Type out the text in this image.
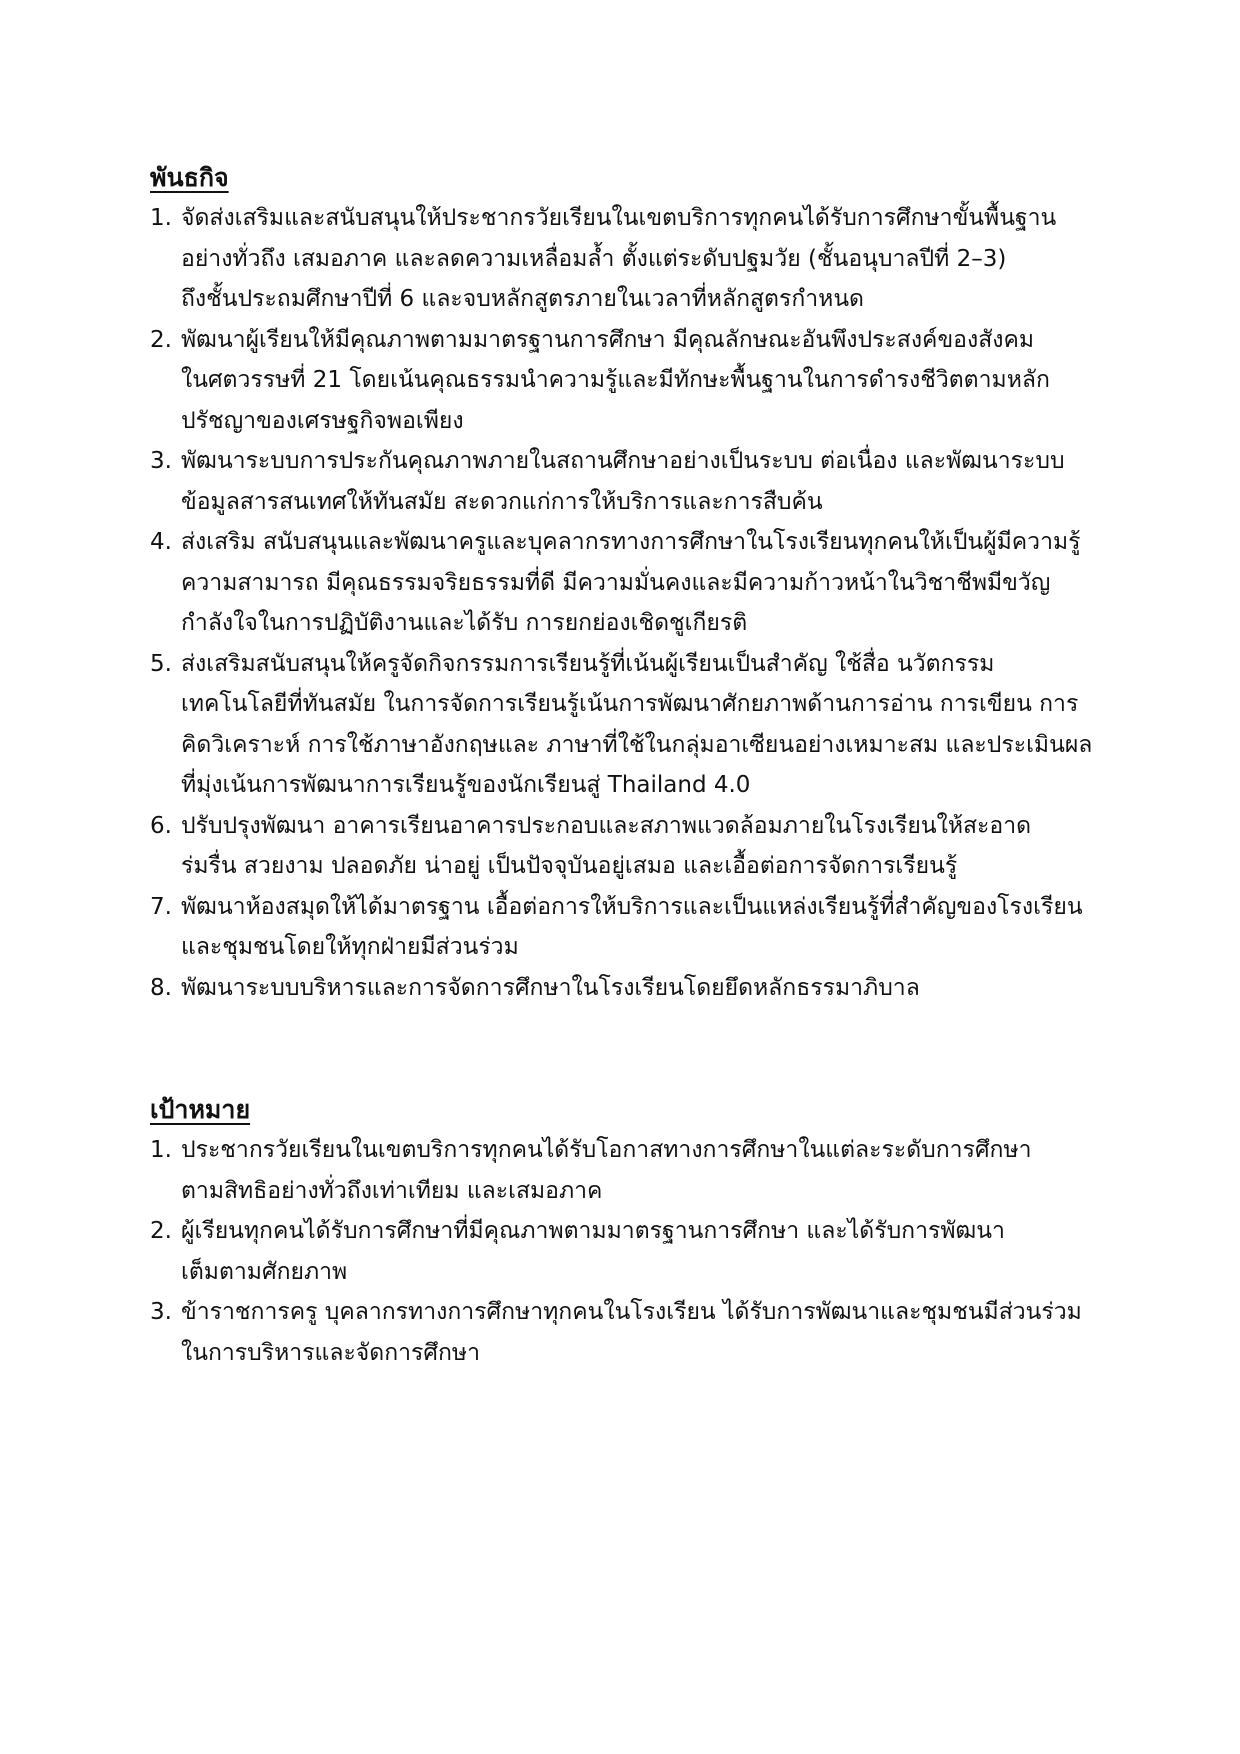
พันธกิจ
1. จัดส่งเสริมและสนับสนุนให้ประชากรวัยเรียนในเขตบริการทุกคนได้รับการศึกษาขั้นพื้นฐาน
อย่างทั่วถึง เสมอภาค และลดความเหลื่อมล้ำ ตั้งแต่ระดับปฐมวัย (ชั้นอนุบาลปีที่ 2–3)
ถึงชั้นประถมศึกษาปีที่ 6 และจบหลักสูตรภายในเวลาที่หลักสูตรกำหนด
2. พัฒนาผู้เรียนให้มีคุณภาพตามมาตรฐานการศึกษา มีคุณลักษณะอันพึงประสงค์ของสังคม
ในศตวรรษที่ 21 โดยเน้นคุณธรรมนำความรู้และมีทักษะพื้นฐานในการดำรงชีวิตตามหลัก
ปรัชญาของเศรษฐกิจพอเพียง
3. พัฒนาระบบการประกันคุณภาพภายในสถานศึกษาอย่างเป็นระบบ ต่อเนื่อง และพัฒนาระบบ
ข้อมูลสารสนเทศให้ทันสมัย สะดวกแก่การให้บริการและการสืบค้น
4. ส่งเสริม สนับสนุนและพัฒนาครูและบุคลากรทางการศึกษาในโรงเรียนทุกคนให้เป็นผู้มีความรู้
ความสามารถ มีคุณธรรมจริยธรรมที่ดี มีความมั่นคงและมีความก้าวหน้าในวิชาชีพมีขวัญ
กำลังใจในการปฏิบัติงานและได้รับ การยกย่องเชิดชูเกียรติ
5. ส่งเสริมสนับสนุนให้ครูจัดกิจกรรมการเรียนรู้ที่เน้นผู้เรียนเป็นสำคัญ ใช้สื่อ นวัตกรรม
เทคโนโลยีที่ทันสมัย ในการจัดการเรียนรู้เน้นการพัฒนาศักยภาพด้านการอ่าน การเขียน การ
คิดวิเคราะห์ การใช้ภาษาอังกฤษและ ภาษาที่ใช้ในกลุ่มอาเซียนอย่างเหมาะสม และประเมินผล
ที่มุ่งเน้นการพัฒนาการเรียนรู้ของนักเรียนสู่ Thailand 4.0
6. ปรับปรุงพัฒนา อาคารเรียนอาคารประกอบและสภาพแวดล้อมภายในโรงเรียนให้สะอาด
ร่มรื่น สวยงาม ปลอดภัย น่าอยู่ เป็นปัจจุบันอยู่เสมอ และเอื้อต่อการจัดการเรียนรู้
7. พัฒนาห้องสมุดให้ได้มาตรฐาน เอื้อต่อการให้บริการและเป็นแหล่งเรียนรู้ที่สำคัญของโรงเรียน
และชุมชนโดยให้ทุกฝ่ายมีส่วนร่วม
8. พัฒนาระบบบริหารและการจัดการศึกษาในโรงเรียนโดยยึดหลักธรรมาภิบาล
เป้าหมาย
1. ประชากรวัยเรียนในเขตบริการทุกคนได้รับโอกาสทางการศึกษาในแต่ละระดับการศึกษา
ตามสิทธิอย่างทั่วถึงเท่าเทียม และเสมอภาค
2. ผู้เรียนทุกคนได้รับการศึกษาที่มีคุณภาพตามมาตรฐานการศึกษา และได้รับการพัฒนา
เต็มตามศักยภาพ
3. ข้าราชการครู บุคลากรทางการศึกษาทุกคนในโรงเรียน ได้รับการพัฒนาและชุมชนมีส่วนร่วม
ในการบริหารและจัดการศึกษา
